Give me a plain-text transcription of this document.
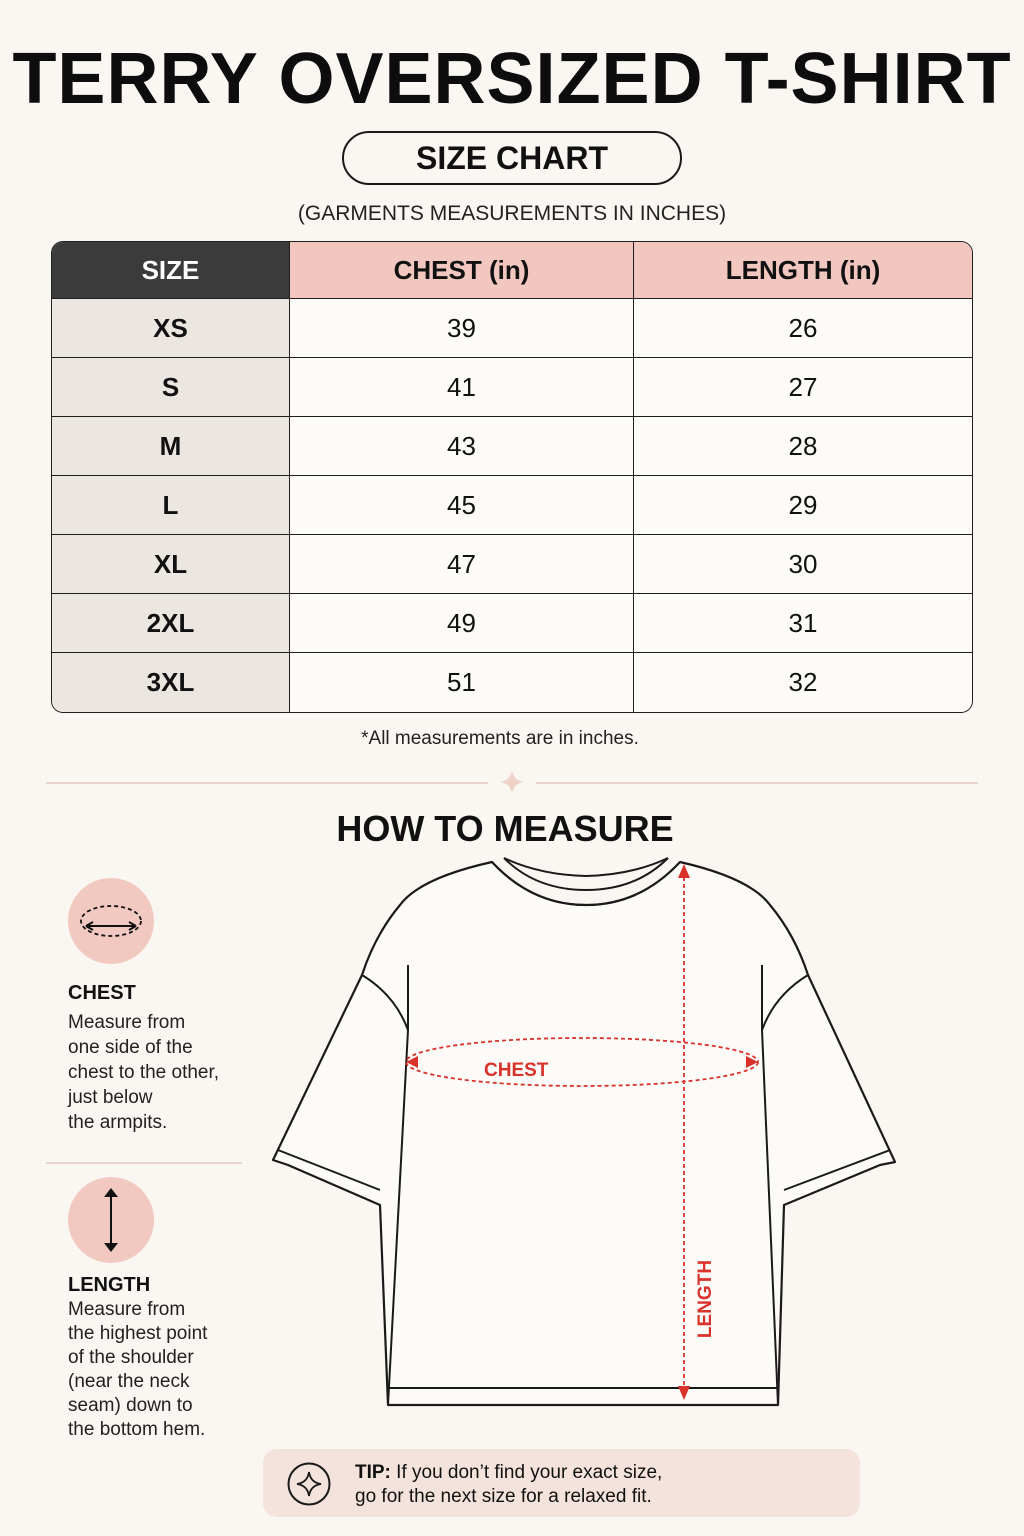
TERRY OVERSIZED T-SHIRT
SIZE CHART
(GARMENTS MEASUREMENTS IN INCHES)
SIZE	CHEST (in)	LENGTH (in)
XS	39	26
S	41	27
M	43	28
L	45	29
XL	47	30
2XL	49	31
3XL	51	32
*All measurements are in inches.
HOW TO MEASURE
CHEST
Measure from
one side of the
chest to the other,
just below
the armpits.
LENGTH
Measure from
the highest point
of the shoulder
(near the neck
seam) down to
the bottom hem.
CHEST
LENGTH
TIP: If you don’t find your exact size,
go for the next size for a relaxed fit.
